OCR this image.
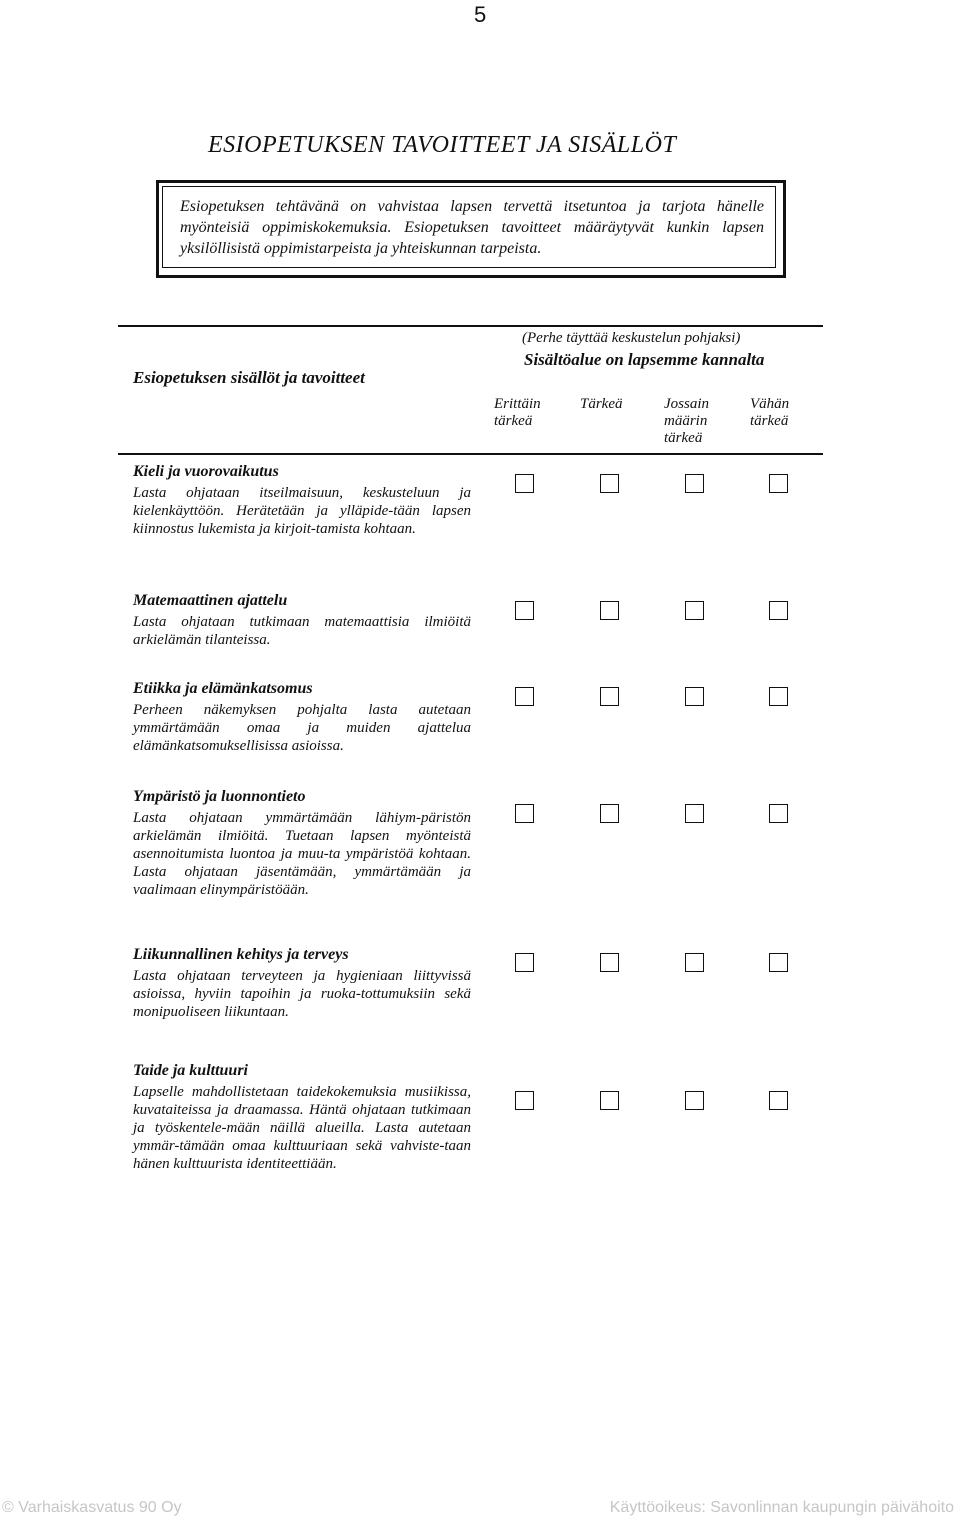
5
ESIOPETUKSEN TAVOITTEET JA SISÄLLÖT
Esiopetuksen tehtävänä on vahvistaa lapsen tervettä itsetuntoa ja tarjota hänelle myönteisiä oppimiskokemuksia. Esiopetuksen tavoitteet määräytyvät kunkin lapsen yksilöllisistä oppimistarpeista ja yhteiskunnan tarpeista.
(Perhe täyttää keskustelun pohjaksi)
Sisältöalue on lapsemme kannalta
Esiopetuksen sisällöt ja tavoitteet
Erittäin
tärkeä
Tärkeä	Jossain
määrin
tärkeä
Vähän
tärkeä

Kieli ja vuorovaikutus

Lasta ohjataan itseilmaisuun, keskusteluun ja kielenkäyttöön. Herätetään ja ylläpide-tään lapsen kiinnostus lukemista ja kirjoit-tamista kohtaan.

Matemaattinen ajattelu

Lasta ohjataan tutkimaan matemaattisia ilmiöitä arkielämän tilanteissa.

Etiikka ja elämänkatsomus

Perheen näkemyksen pohjalta lasta autetaan ymmärtämään omaa ja muiden ajattelua elämänkatsomuksellisissa asioissa.

Ympäristö ja luonnontieto

Lasta ohjataan ymmärtämään lähiym-päristön arkielämän ilmiöitä. Tuetaan lapsen myönteistä asennoitumista luontoa ja muu-ta ympäristöä kohtaan. Lasta ohjataan jäsentämään, ymmärtämään ja vaalimaan elinympäristöään.

Liikunnallinen kehitys ja terveys

Lasta ohjataan terveyteen ja hygieniaan liittyvissä asioissa, hyviin tapoihin ja ruoka-tottumuksiin sekä monipuoliseen liikuntaan.

Taide ja kulttuuri

Lapselle mahdollistetaan taidekokemuksia musiikissa, kuvataiteissa ja draamassa. Häntä ohjataan tutkimaan ja työskentele-mään näillä alueilla. Lasta autetaan ymmär-tämään omaa kulttuuriaan sekä vahviste-taan hänen kulttuurista identiteettiään.

© Varhaiskasvatus 90 Oy	Käyttöoikeus: Savonlinnan kaupungin päivähoito
